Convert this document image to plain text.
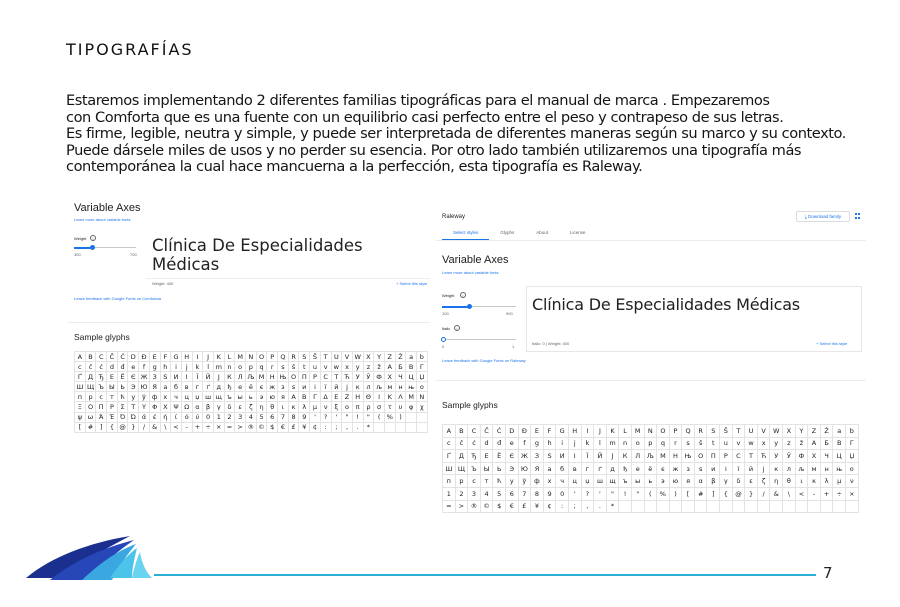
TIPOGRAFÍAS

Estaremos implementando 2 diferentes familias tipográficas para el manual de marca . Empezaremos

con Comforta que es una fuente con un equilibrio casi perfecto entre el peso y contrapeso de sus letras.

Es firme, legible, neutra y simple, y puede ser interpretada de diferentes maneras según su marco y su contexto.

Puede dársele miles de usos y no perder su esencia. Por otro lado también utilizaremos una tipografía más

contemporánea la cual hace mancuerna a la perfección, esta tipografía es Raleway.

Variable Axes
Learn more about variable fonts
Weight	i
300	700 Clínica De Especialidades
Médicas
Weight: 400	+ Select this style
Leave feedback with Google Fonts on Comfortaa
Sample glyphs
A B C Č Ć D Đ E	F G H	I	J	K	L M N O P Q R S	Š	T U V W X Y Z Ž a	b
c	č	ć	d	đ	e	f	g	h	i	j	k	l	m n	o	p	q	r	s	š	t	u	v w x	y	z	ž	А Б В Г
Ґ Д Ђ Е	Ё Є Ж З	Ѕ И	І	Ї	Й	Ј	К Л Љ М Н Њ О П Р С Т Ћ У	Ў Ф Х Ч Ц Џ
Ш Щ Ъ Ы Ь Э Ю Я а	б	в	г	ґ	д ђ	е	ё	є ж з	ѕ	и	і	ї	й	ј	к	л љ м н њ о
п р	с	т	ћ	у	ў ф х	ч	ц џ ш щ ъ ы ь	э ю я	Α Β	Γ	Δ Ε Ζ Η Θ	Ι	Κ Λ Μ Ν
Ξ Ο Π Ρ	Σ	Τ	Υ Φ Χ Ψ Ω α β	γ	δ	ε	ζ	η	θ	ι	κ	λ	μ	ν	ξ	ο	π	ρ	σ	τ	υ	φ	χ
ψ ω Ά Έ Ό Ώ ά	έ	ή	ί	ό	ύ	0	1	2	3	4	5	6	7	8	9	'	?	'	"	!	"	( % )
[	#	]	{ @ }	/	&	\	<	-	+ ÷ × = > ® © $	€	£	¥	¢	:	;	,	.	*
Raleway	⤓ Download family
Select styles	Glyphs	About	License
Variable Axes
Learn more about variable fonts
Weight	i
100	900
Italic	i
0	1
Clínica De Especialidades Médicas
Italic: 0 | Weight: 400	+ Select this style
Leave feedback with Google Fonts on Raleway
Sample glyphs
A	B	C	Č	Ć	D	Đ	E	F	G	H	I	J	K	L	M	N	O	P	Q	R	S	Š	T	U	V	W	X	Y	Z	Ž	a	b
c	č	ć	d	đ	e	f	g	h	i	j	k	l	m	n	o	p	q	r	s	š	t	u	v	w	x	y	z	ž	А	Б	В	Г
Ґ	Д	Ђ	Е	Ё	Є	Ж	З	Ѕ	И	І	Ї	Й	Ј	К	Л	Љ М	Н	Њ	О	П	Р	С	Т	Ћ	У	Ў	Ф	Х	Ч	Ц	Џ
Ш Щ Ъ	Ы	Ь	Э	Ю	Я	а	б	в	г	ґ	д	ђ	е	ё	є	ж	з	ѕ	и	і	ї	й	ј	к	л	љ	м	н	њ	о
п	р	с	т	ћ	у	ў	ф	х	ч	ц	џ	ш	щ	ъ	ы	ь	э	ю	я	α	β	γ	δ	ε	ζ	η	θ	ι	κ	λ	μ	ν
1	2	3	4	5	6	7	8	9	0	'	?	'	"	!	"	(	%	)	[	#	]	{	@	}	/	&	\	<	-	+	÷	×
=	>	® ©	$	€	£	¥	¢	:	;	,	.	*
7
